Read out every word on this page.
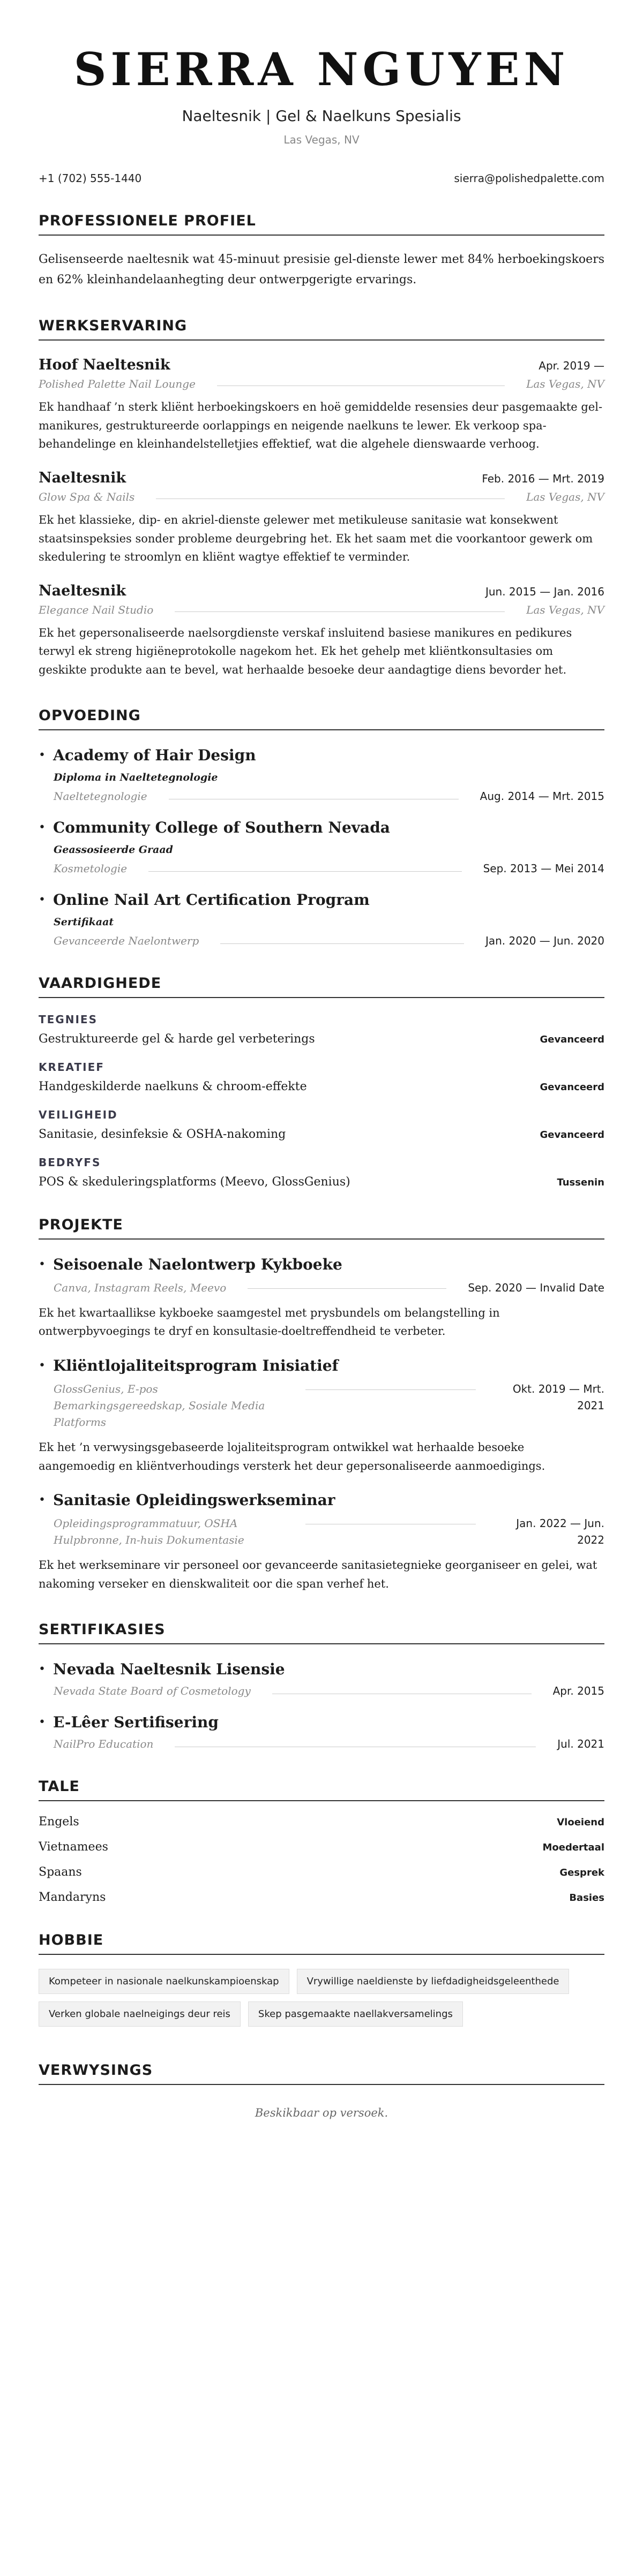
SIERRA NGUYEN
Naeltesnik | Gel & Naelkuns Spesialis
Las Vegas, NV
+1 (702) 555-1440	sierra@polishedpalette.com
PROFESSIONELE PROFIEL
Gelisenseerde naeltesnik wat 45-minuut presisie gel-dienste lewer met 84% herboekingskoers en 62% kleinhandelaanhegting deur ontwerpgerigte ervarings.
WERKSERVARING
Hoof Naeltesnik	Apr. 2019 —
Polished Palette Nail Lounge	Las Vegas, NV
Ek handhaaf ’n sterk kliënt herboekingskoers en hoë gemiddelde resensies deur pasgemaakte gel-manikures, gestruktureerde oorlappings en neigende naelkuns te lewer. Ek verkoop spa-behandelinge en kleinhandelstelletjies effektief, wat die algehele dienswaarde verhoog.
Naeltesnik	Feb. 2016 — Mrt. 2019
Glow Spa & Nails	Las Vegas, NV
Ek het klassieke, dip- en akriel-dienste gelewer met metikuleuse sanitasie wat konsekwent staatsinspeksies sonder probleme deurgebring het. Ek het saam met die voorkantoor gewerk om skedulering te stroomlyn en kliënt wagtye effektief te verminder.
Naeltesnik	Jun. 2015 — Jan. 2016
Elegance Nail Studio	Las Vegas, NV
Ek het gepersonaliseerde naelsorgdienste verskaf insluitend basiese manikures en pedikures terwyl ek streng higiëneprotokolle nagekom het. Ek het gehelp met kliëntkonsultasies om geskikte produkte aan te bevel, wat herhaalde besoeke deur aandagtige diens bevorder het.
OPVOEDING
• Academy of Hair Design
Diploma in Naeltetegnologie
Naeltetegnologie	Aug. 2014 — Mrt. 2015
• Community College of Southern Nevada
Geassosieerde Graad
Kosmetologie	Sep. 2013 — Mei 2014
• Online Nail Art Certification Program
Sertifikaat
Gevanceerde Naelontwerp	Jan. 2020 — Jun. 2020
VAARDIGHEDE
TEGNIES
Gestruktureerde gel & harde gel verbeterings	Gevanceerd
KREATIEF
Handgeskilderde naelkuns & chroom-effekte	Gevanceerd
VEILIGHEID
Sanitasie, desinfeksie & OSHA-nakoming	Gevanceerd
BEDRYFS
POS & skeduleringsplatforms (Meevo, GlossGenius)	Tussenin
PROJEKTE
• Seisoenale Naelontwerp Kykboeke
Canva, Instagram Reels, Meevo	Sep. 2020 — Invalid Date
Ek het kwartaallikse kykboeke saamgestel met prysbundels om belangstelling in ontwerpbyvoegings te dryf en konsultasie-doeltreffendheid te verbeter.
• Kliëntlojaliteitsprogram Inisiatief
GlossGenius, E-pos Bemarkingsgereedskap, Sosiale Media Platforms
Okt. 2019 — Mrt. 2021
Ek het ’n verwysingsgebaseerde lojaliteitsprogram ontwikkel wat herhaalde besoeke aangemoedig en kliëntverhoudings versterk het deur gepersonaliseerde aanmoedigings.
• Sanitasie Opleidingswerkseminar
Opleidingsprogrammatuur, OSHA Hulpbronne, In-huis Dokumentasie
Jan. 2022 — Jun. 2022
Ek het werkseminare vir personeel oor gevanceerde sanitasietegnieke georganiseer en gelei, wat nakoming verseker en dienskwaliteit oor die span verhef het.
SERTIFIKASIES
• Nevada Naeltesnik Lisensie
Nevada State Board of Cosmetology	Apr. 2015
• E-Lêer Sertifisering
NailPro Education	Jul. 2021
TALE
Engels	Vloeiend
Vietnamees	Moedertaal
Spaans	Gesprek
Mandaryns	Basies
HOBBIE
Kompeteer in nasionale naelkunskampioenskap	Vrywillige naeldienste by liefdadigheidsgeleenthede
Verken globale naelneigings deur reis	Skep pasgemaakte naellakversamelings
VERWYSINGS
Beskikbaar op versoek.
